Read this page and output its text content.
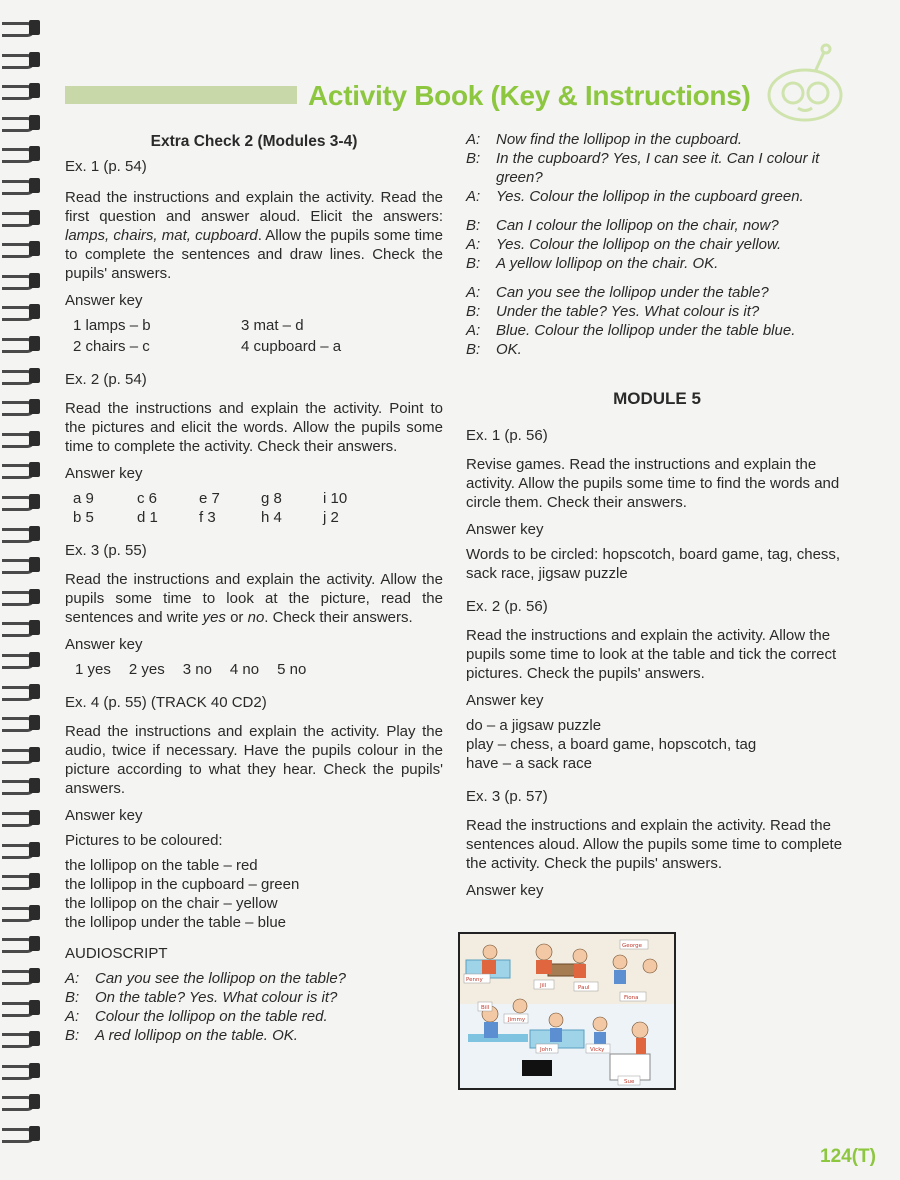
Activity Book (Key & Instructions)

Extra Check 2 (Modules 3-4)

Ex. 1 (p. 54)

Read the instructions and explain the activity. Read the first question and answer aloud. Elicit the answers: lamps, chairs, mat, cupboard. Allow the pupils some time to complete the sentences and draw lines. Check the pupils' answers.

Answer key

1 lamps – b	3 mat – d
2 chairs – c	4 cupboard – a

Ex. 2 (p. 54)

Read the instructions and explain the activity. Point to the pictures and elicit the words. Allow the pupils some time to complete the activity. Check their answers.

Answer key

a 9	c 6	e 7	g 8	i 10
b 5	d 1	f 3	h 4	j 2

Ex. 3 (p. 55)

Read the instructions and explain the activity. Allow the pupils some time to look at the picture, read the sentences and write yes or no. Check their answers.

Answer key

1 yes 2 yes 3 no 4 no 5 no

Ex. 4 (p. 55) (TRACK 40 CD2)

Read the instructions and explain the activity. Play the audio, twice if necessary. Have the pupils colour in the picture according to what they hear. Check the pupils' answers.

Answer key

Pictures to be coloured:

the lollipop on the table – red

the lollipop in the cupboard – green

the lollipop on the chair – yellow

the lollipop under the table – blue

AUDIOSCRIPT

A:	Can you see the lollipop on the table?
B:	On the table? Yes. What colour is it?
A:	Colour the lollipop on the table red.
B:	A red lollipop on the table. OK.
A:	Now find the lollipop in the cupboard.
B:	In the cupboard? Yes, I can see it. Can I colour it green?
A:	Yes. Colour the lollipop in the cupboard green.
B:	Can I colour the lollipop on the chair, now?
A:	Yes. Colour the lollipop on the chair yellow.
B:	A yellow lollipop on the chair. OK.
A:	Can you see the lollipop under the table?
B:	Under the table? Yes. What colour is it?
A:	Blue. Colour the lollipop under the table blue.
B:	OK.

MODULE 5

Ex. 1 (p. 56)

Revise games. Read the instructions and explain the activity. Allow the pupils some time to find the words and circle them. Check their answers.

Answer key

Words to be circled: hopscotch, board game, tag, chess, sack race, jigsaw puzzle

Ex. 2 (p. 56)

Read the instructions and explain the activity. Allow the pupils some time to look at the table and tick the correct pictures. Check the pupils' answers.

Answer key

do – a jigsaw puzzle

play – chess, a board game, hopscotch, tag

have – a sack race

Ex. 3 (p. 57)

Read the instructions and explain the activity. Read the sentences aloud. Allow the pupils some time to complete the activity. Check the pupils' answers.

Answer key

George
Penny
Jill	Paul
Fiona
Bill
Jimmy
John	Vicky
Sue
124(T)
